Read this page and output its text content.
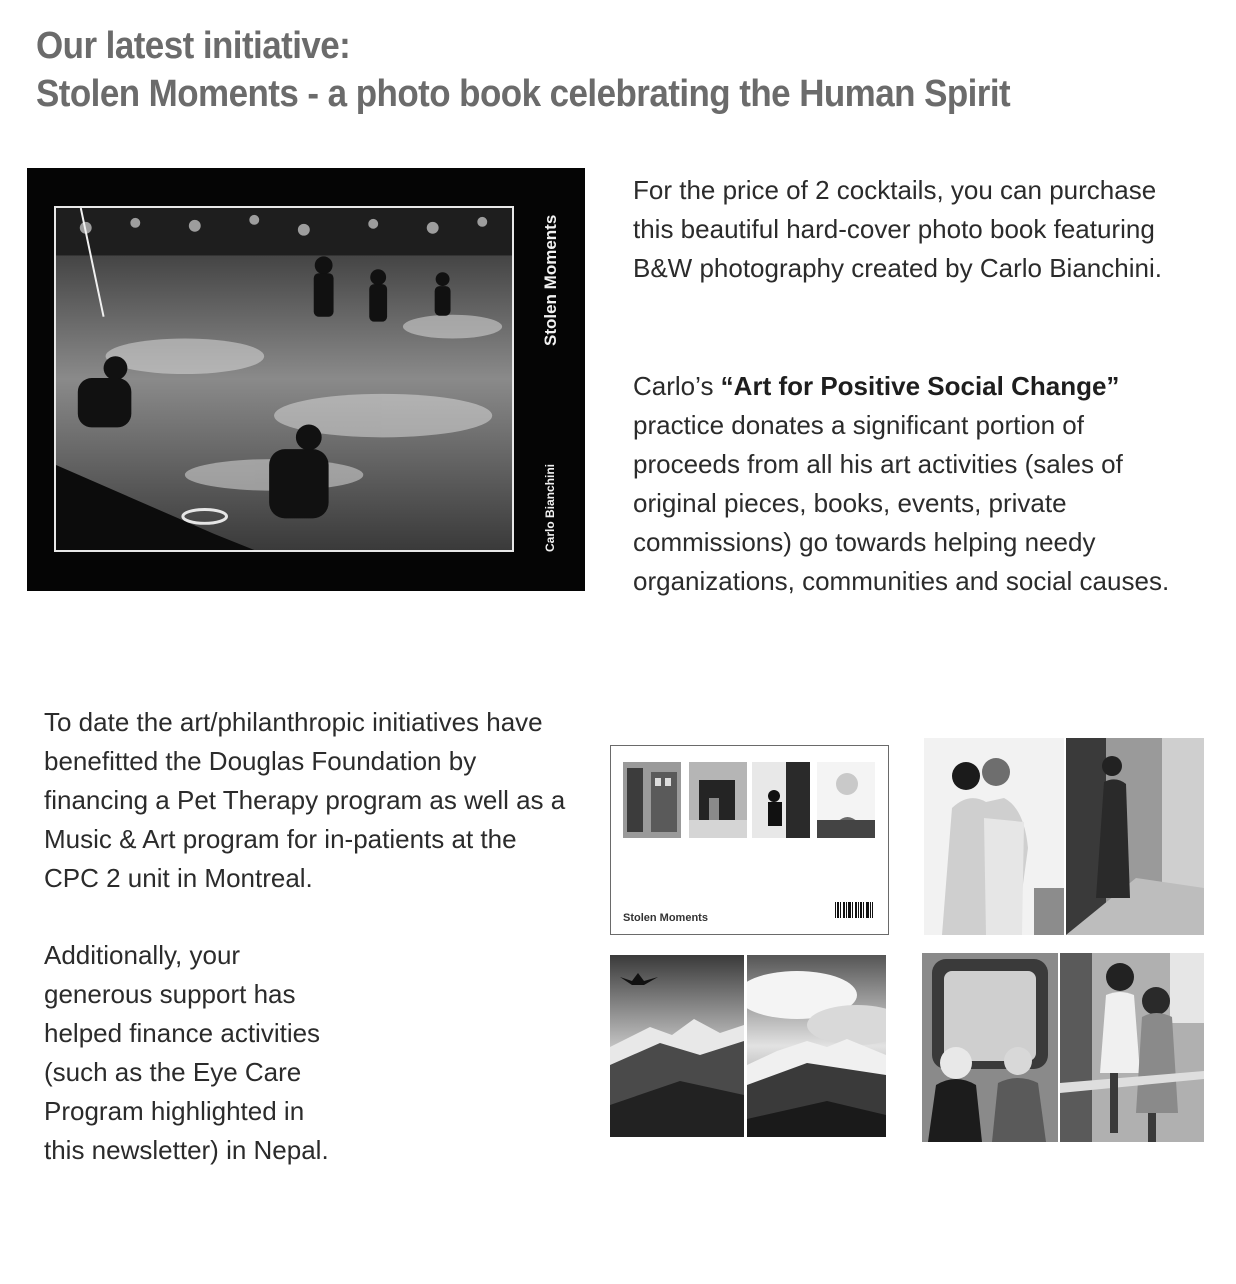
Our latest initiative:
Stolen Moments - a photo book celebrating the Human Spirit
Stolen Moments
Carlo Bianchini

For the price of 2 cocktails, you can purchase this beautiful hard-cover photo book featuring B&W photography created by Carlo Bianchini.

Carlo’s “Art for Positive Social Change” practice donates a significant portion of proceeds from all his art activities (sales of original pieces, books, events, private commissions) go towards helping needy organizations, communities and social causes.

To date the art/philanthropic initiatives have benefitted the Douglas Foundation by financing a Pet Therapy program as well as a Music & Art program for in-patients at the CPC 2 unit in Montreal.

Additionally, your generous support has helped finance activities (such as the Eye Care Program highlighted in this newsletter) in Nepal.

Stolen Moments
